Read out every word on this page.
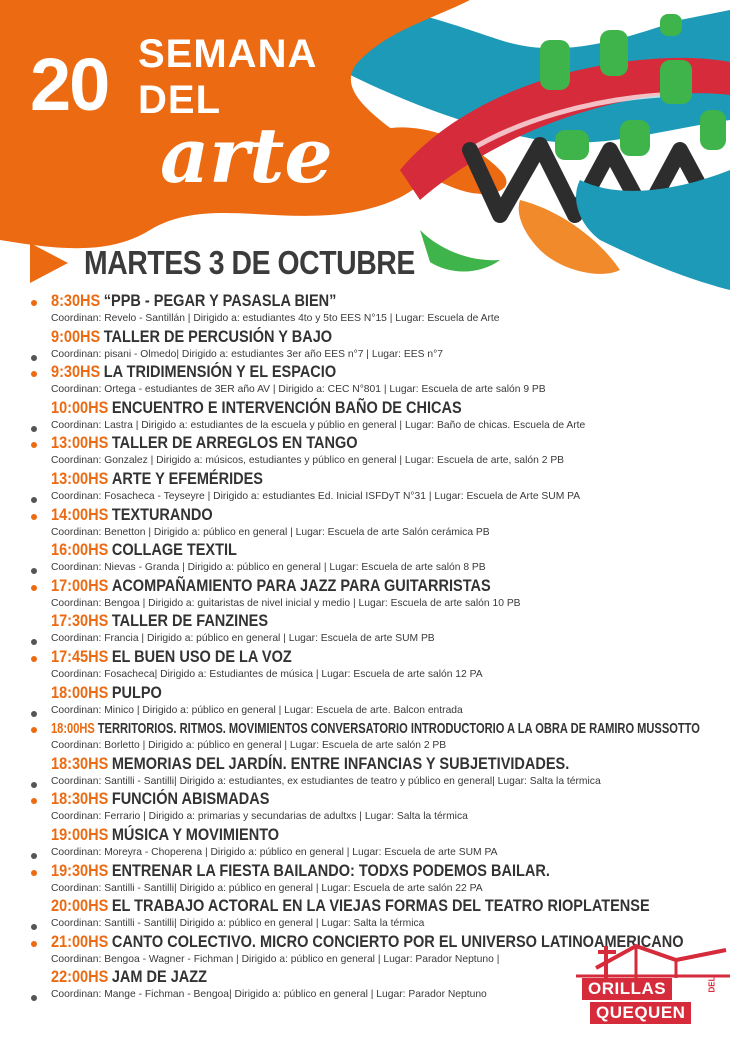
20 SEMANA
DEL
arte
MARTES 3 DE OCTUBRE
8:30HS “PPB - PEGAR Y PASASLA BIEN”
Coordinan: Revelo - Santillán | Dirigido a: estudiantes 4to y 5to EES N°15 | Lugar: Escuela de Arte
9:00HS TALLER DE PERCUSIÓN Y BAJO
Coordinan: pisani - Olmedo| Dirigido a: estudiantes 3er año EES n°7 | Lugar: EES n°7
9:30HS LA TRIDIMENSIÓN Y EL ESPACIO
Coordinan: Ortega - estudiantes de 3ER año AV | Dirigido a: CEC N°801 | Lugar: Escuela de arte salón 9 PB
10:00HS ENCUENTRO E INTERVENCIÓN BAÑO DE CHICAS
Coordinan: Lastra | Dirigido a: estudiantes de la escuela y públio en general | Lugar: Baño de chicas. Escuela de Arte
13:00HS TALLER DE ARREGLOS EN TANGO
Coordinan: Gonzalez | Dirigido a: músicos, estudiantes y público en general | Lugar: Escuela de arte, salón 2 PB
13:00HS ARTE Y EFEMÉRIDES
Coordinan: Fosacheca - Teyseyre | Dirigido a: estudiantes Ed. Inicial ISFDyT N°31 | Lugar: Escuela de Arte SUM PA
14:00HS TEXTURANDO
Coordinan: Benetton | Dirigido a: público en general | Lugar: Escuela de arte Salón cerámica PB
16:00HS COLLAGE TEXTIL
Coordinan: Nievas - Granda | Dirigido a: público en general | Lugar: Escuela de arte salón 8 PB
17:00HS ACOMPAÑAMIENTO PARA JAZZ PARA GUITARRISTAS
Coordinan: Bengoa | Dirigido a: guitaristas de nivel inicial y medio | Lugar: Escuela de arte salón 10 PB
17:30HS TALLER DE FANZINES
Coordinan: Francia | Dirigido a: público en general | Lugar: Escuela de arte SUM PB
17:45HS EL BUEN USO DE LA VOZ
Coordinan: Fosacheca| Dirigido a: Estudiantes de música | Lugar: Escuela de arte salón 12 PA
18:00HS PULPO
Coordinan: Minico | Dirigido a: público en general | Lugar: Escuela de arte. Balcon entrada
18:00HS TERRITORIOS. RITMOS. MOVIMIENTOS CONVERSATORIO INTRODUCTORIO A LA OBRA DE RAMIRO MUSSOTTO
Coordinan: Borletto | Dirigido a: público en general | Lugar: Escuela de arte salón 2 PB
18:30HS MEMORIAS DEL JARDÍN. ENTRE INFANCIAS Y SUBJETIVIDADES.
Coordinan: Santilli - Santilli| Dirigido a: estudiantes, ex estudiantes de teatro y público en general| Lugar: Salta la térmica
18:30HS FUNCIÓN ABISMADAS
Coordinan: Ferrario | Dirigido a: primarias y secundarias de adultxs | Lugar: Salta la térmica
19:00HS MÚSICA Y MOVIMIENTO
Coordinan: Moreyra - Choperena | Dirigido a: público en general | Lugar: Escuela de arte SUM PA
19:30HS ENTRENAR LA FIESTA BAILANDO: TODXS PODEMOS BAILAR.
Coordinan: Santilli - Santilli| Dirigido a: público en general | Lugar: Escuela de arte salón 22 PA
20:00HS EL TRABAJO ACTORAL EN LA VIEJAS FORMAS DEL TEATRO RIOPLATENSE
Coordinan: Santilli - Santilli| Dirigido a: público en general | Lugar: Salta la térmica
21:00HS CANTO COLECTIVO. MICRO CONCIERTO POR EL UNIVERSO LATINOAMERICANO
Coordinan: Bengoa - Wagner - Fichman | Dirigido a: público en general | Lugar: Parador Neptuno |
22:00HS JAM DE JAZZ
Coordinan: Mange - Fichman - Bengoa| Dirigido a: público en general | Lugar: Parador Neptuno	ORILLAS	DEL
QUEQUEN
